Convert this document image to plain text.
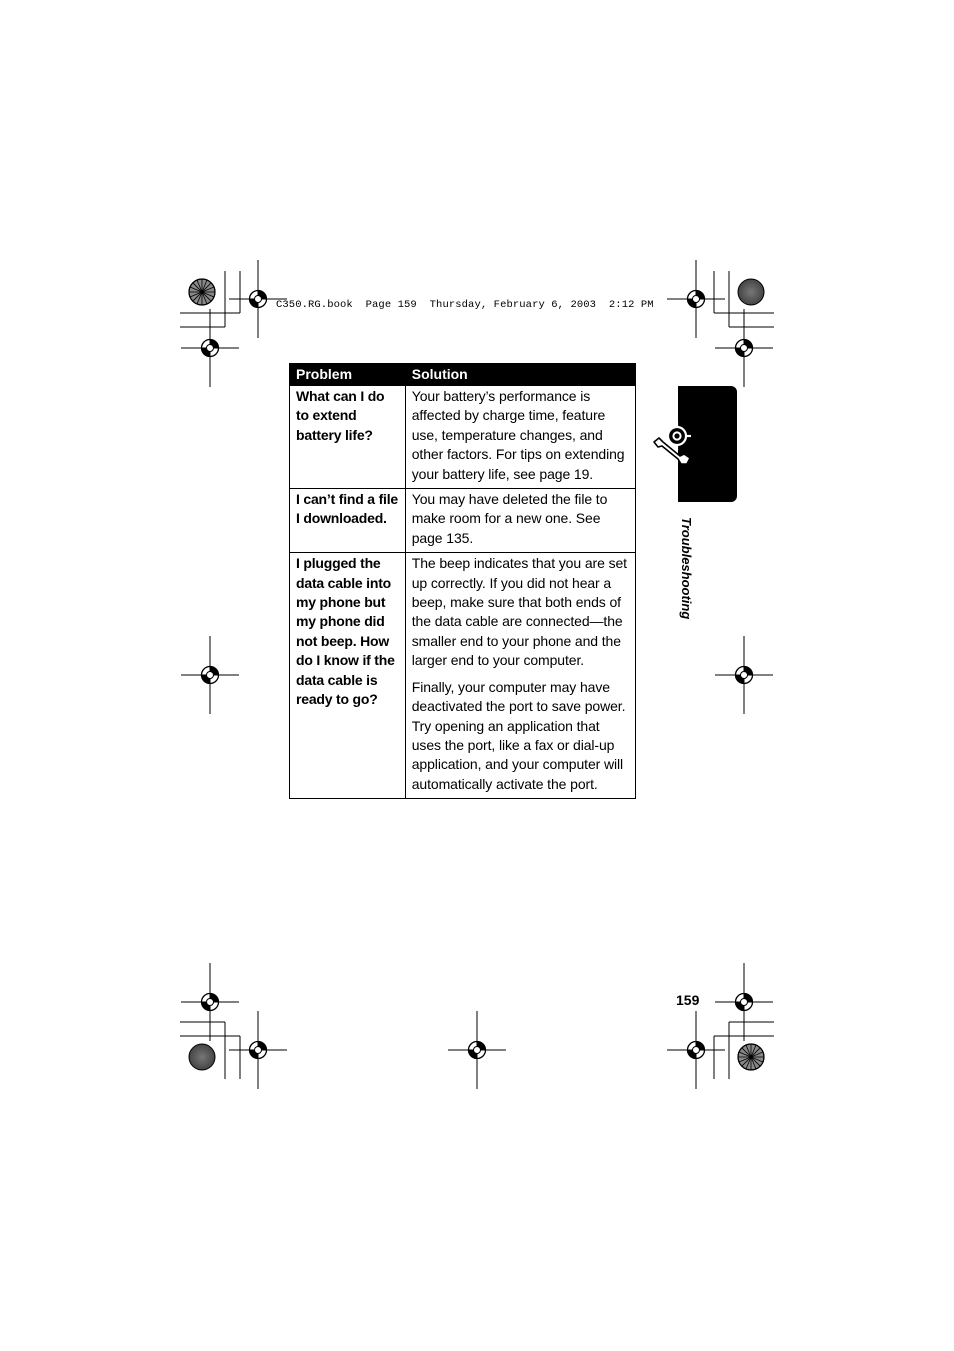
C350.RG.book Page 159 Thursday, February 6, 2003 2:12 PM
Problem	Solution
What can I do to extend battery life?	Your battery’s performance is affected by charge time, feature use, temperature changes, and other factors. For tips on extending your battery life, see page 19.

I can’t find a file I downloaded.	You may have deleted the file to make room for a new one. See page 135.

I plugged the data cable into my phone but my phone did not beep. How do I know if the data cable is ready to go?	The beep indicates that you are set up correctly. If you did not hear a beep, make sure that both ends of the data cable are connected—the smaller end to your phone and the larger end to your computer.

Finally, your computer may have deactivated the port to save power. Try opening an application that uses the port, like a fax or dial-up application, and your computer will automatically activate the port.

Troubleshooting
159
